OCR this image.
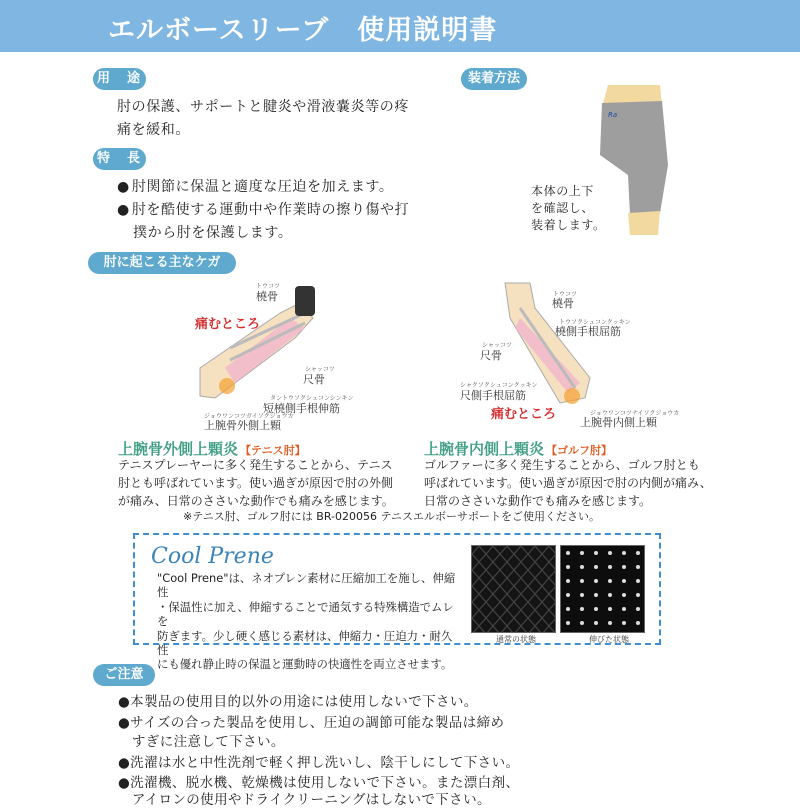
エルボースリーブ　使用説明書
用　途
肘の保護、サポートと腱炎や滑液嚢炎等の疼
痛を緩和。
特　長
● 肘関節に保温と適度な圧迫を加えます。
● 肘を酷使する運動中や作業時の擦り傷や打
撲から肘を保護します。
装着方法
Ra
本体の上下
を確認し、
装着します。
肘に起こる主なケガ
トウコツ
橈骨
痛むところ
シャッコツ
尺骨
タントウソクシュコンシンキン
短橈側手根伸筋
ジョウワンコツガイソクジョウカ
上腕骨外側上顆
トウコツ
橈骨
トウソクシュコンクッキン
橈側手根屈筋
シャッコツ
尺骨
シャクソクシュコンクッキン
尺側手根屈筋
痛むところ	ジョウワンコツナイソクジョウカ
上腕骨内側上顆
上腕骨外側上顆炎 【テニス肘】
テニスプレーヤーに多く発生することから、テニス
肘とも呼ばれています。使い過ぎが原因で肘の外側
が痛み、日常のささいな動作でも痛みを感じます。
上腕骨内側上顆炎 【ゴルフ肘】
ゴルファーに多く発生することから、ゴルフ肘とも
呼ばれています。使い過ぎが原因で肘の内側が痛み、
日常のささいな動作でも痛みを感じます。
※テニス肘、ゴルフ肘には BR-020056 テニスエルボーサポートをご使用ください。
Cool Prene
"Cool Prene"は、ネオプレン素材に圧縮加工を施し、伸縮性
・保温性に加え、伸縮することで通気する特殊構造でムレを
防ぎます。少し硬く感じる素材は、伸縮力・圧迫力・耐久性
にも優れ静止時の保温と運動時の快適性を両立させます。
通常の状態	伸びた状態
ご注意
●本製品の使用目的以外の用途には使用しないで下さい。
●サイズの合った製品を使用し、圧迫の調節可能な製品は締め
　すぎに注意して下さい。
●洗濯は水と中性洗剤で軽く押し洗いし、陰干しにして下さい。
●洗濯機、脱水機、乾燥機は使用しないで下さい。また漂白剤、
　アイロンの使用やドライクリーニングはしないで下さい。
